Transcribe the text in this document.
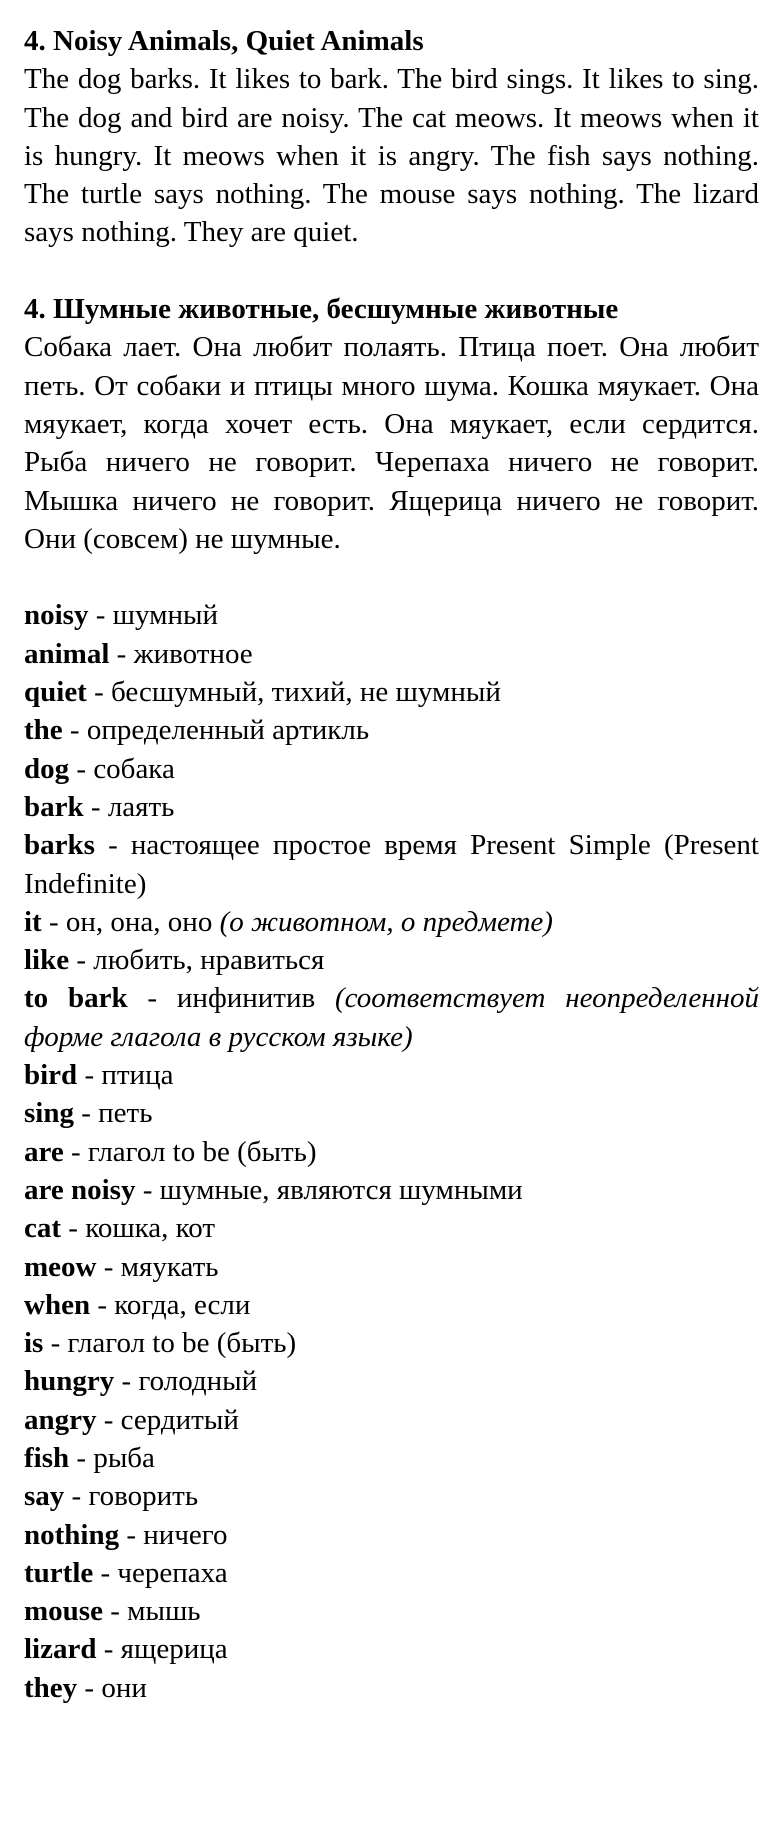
4. Noisy Animals, Quiet Animals

The dog barks. It likes to bark. The bird sings. It likes to sing. The dog and bird are noisy. The cat meows. It meows when it is hungry. It meows when it is angry. The fish says nothing. The turtle says nothing. The mouse says nothing. The lizard says nothing. They are quiet.

4. Шумные животные, бесшумные животные

Собака лает. Она любит полаять. Птица поет. Она любит петь. От собаки и птицы много шума. Кошка мяукает. Она мяукает, когда хочет есть. Она мяукает, если сердится. Рыба ничего не говорит. Черепаха ничего не говорит. Мышка ничего не говорит. Ящерица ничего не говорит. Они (совсем) не шумные.

noisy - шумный
animal - животное
quiet - бесшумный, тихий, не шумный
the - определенный артикль
dog - собака
bark - лаять
barks - настоящее простое время Present Simple (Present Indefinite)
it - он, она, оно (о животном, о предмете)
like - любить, нравиться
to bark - инфинитив (соответствует неопределенной форме глагола в русском языке)
bird - птица
sing - петь
are - глагол to be (быть)
are noisy - шумные, являются шумными
cat - кошка, кот
meow - мяукать
when - когда, если
is - глагол to be (быть)
hungry - голодный
angry - сердитый
fish - рыба
say - говорить
nothing - ничего
turtle - черепаха
mouse - мышь
lizard - ящерица
they - они
